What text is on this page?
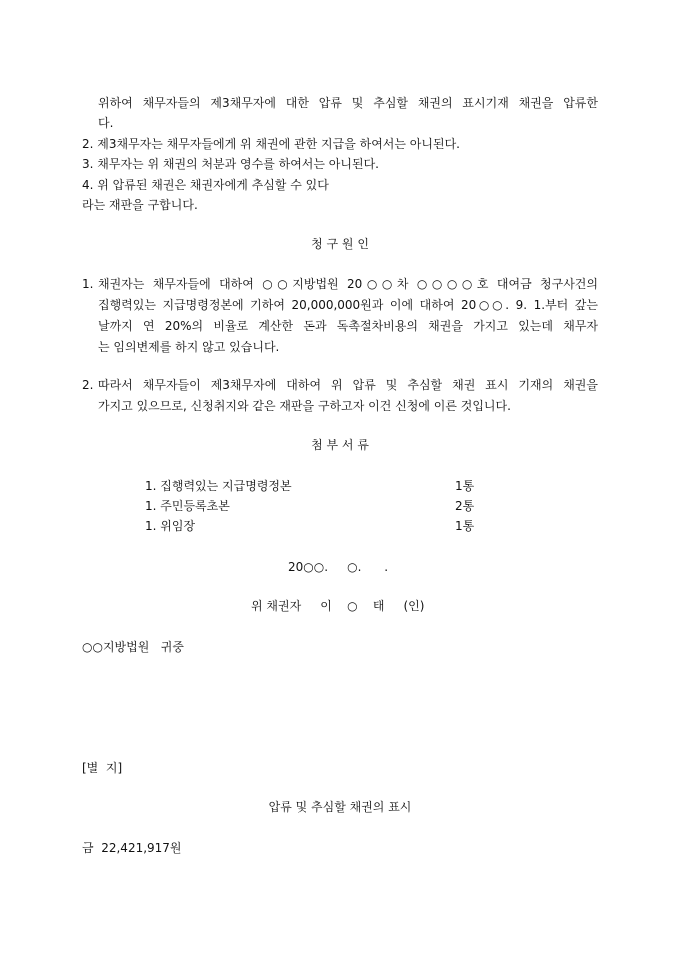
위하여 채무자들의 제3채무자에 대한 압류 및 추심할 채권의 표시기재 채권을 압류한
다.
2. 제3채무자는 채무자들에게 위 채권에 관한 지급을 하여서는 아니된다.
3. 채무자는 위 채권의 처분과 영수를 하여서는 아니된다.
4. 위 압류된 채권은 채권자에게 추심할 수 있다
라는 재판을 구합니다.
청 구 원 인
1. 채권자는 채무자들에 대하여 ○○지방법원 20○○차 ○○○○호 대여금 청구사건의
집행력있는 지급명령정본에 기하여 20,000,000원과 이에 대하여 20○○. 9. 1.부터 갚는
날까지 연 20%의 비율로 계산한 돈과 독촉절차비용의 채권을 가지고 있는데 채무자
는 임의변제를 하지 않고 있습니다.
2. 따라서 채무자들이 제3채무자에 대하여 위 압류 및 추심할 채권 표시 기재의 채권을
가지고 있으므로, 신청취지와 같은 재판을 구하고자 이건 신청에 이른 것입니다.
첨 부 서 류
1. 집행력있는 지급명령정본	1통
1. 주민등록초본	2통
1. 위임장	1통
20○○.     ○.      .
위 채권자     이    ○    태     (인)
○○지방법원   귀중
[별  지]
압류 및 추심할 채권의 표시
금  22,421,917원
